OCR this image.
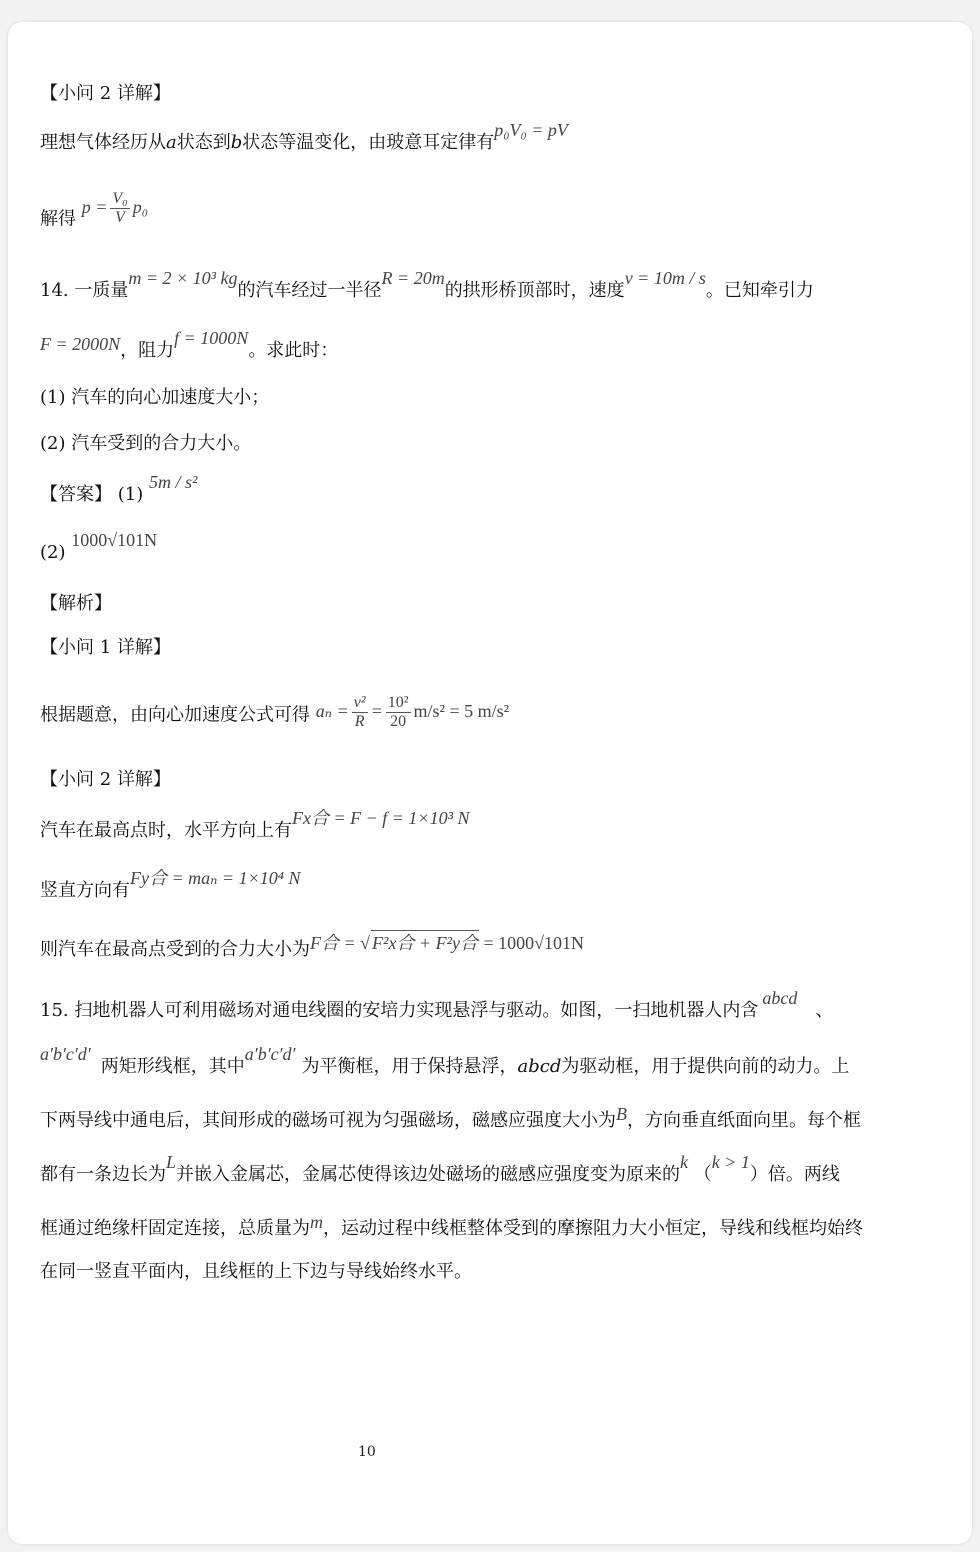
【小问 2 详解】
理想气体经历从a状态到b状态等温变化，由玻意耳定律有p₀V₀ = pV
解得 $p = \frac{\text{V₀}}{V} p_0$
14. 一质量m = 2 × 10³ kg的汽车经过一半径R = 20m的拱形桥顶部时，速度v = 10m / s。已知牵引力
F = 2000N，阻力f = 1000N。求此时：
(1) 汽车的向心加速度大小；
(2) 汽车受到的合力大小。
【答案】 (1) 5m / s²
(2) 1000√101N
【解析】
【小问 1 详解】
根据题意，由向心加速度公式可得 $a_n = \frac{\text{v²}}{R} = \frac{\text{10²}}{20} m/s^2 = 5$ m/s²
【小问 2 详解】
汽车在最高点时，水平方向上有Fx合 = F − f = 1×10³ N
竖直方向有Fy合 = maₙ = 1×10⁴ N
则汽车在最高点受到的合力大小为F合 = √ F²x合 + F²y合 = 1000√101N
15. 扫地机器人可利用磁场对通电线圈的安培力实现悬浮与驱动。如图，一扫地机器人内含abcd、
a′b′c′d′两矩形线框，其中a′b′c′d′为平衡框，用于保持悬浮，abcd为驱动框，用于提供向前的动力。上
下两导线中通电后，其间形成的磁场可视为匀强磁场，磁感应强度大小为B，方向垂直纸面向里。每个框
都有一条边长为L并嵌入金属芯，金属芯使得该边处磁场的磁感应强度变为原来的k （k > 1）倍。两线
框通过绝缘杆固定连接，总质量为m，运动过程中线框整体受到的摩擦阻力大小恒定，导线和线框均始终
在同一竖直平面内，且线框的上下边与导线始终水平。
10
